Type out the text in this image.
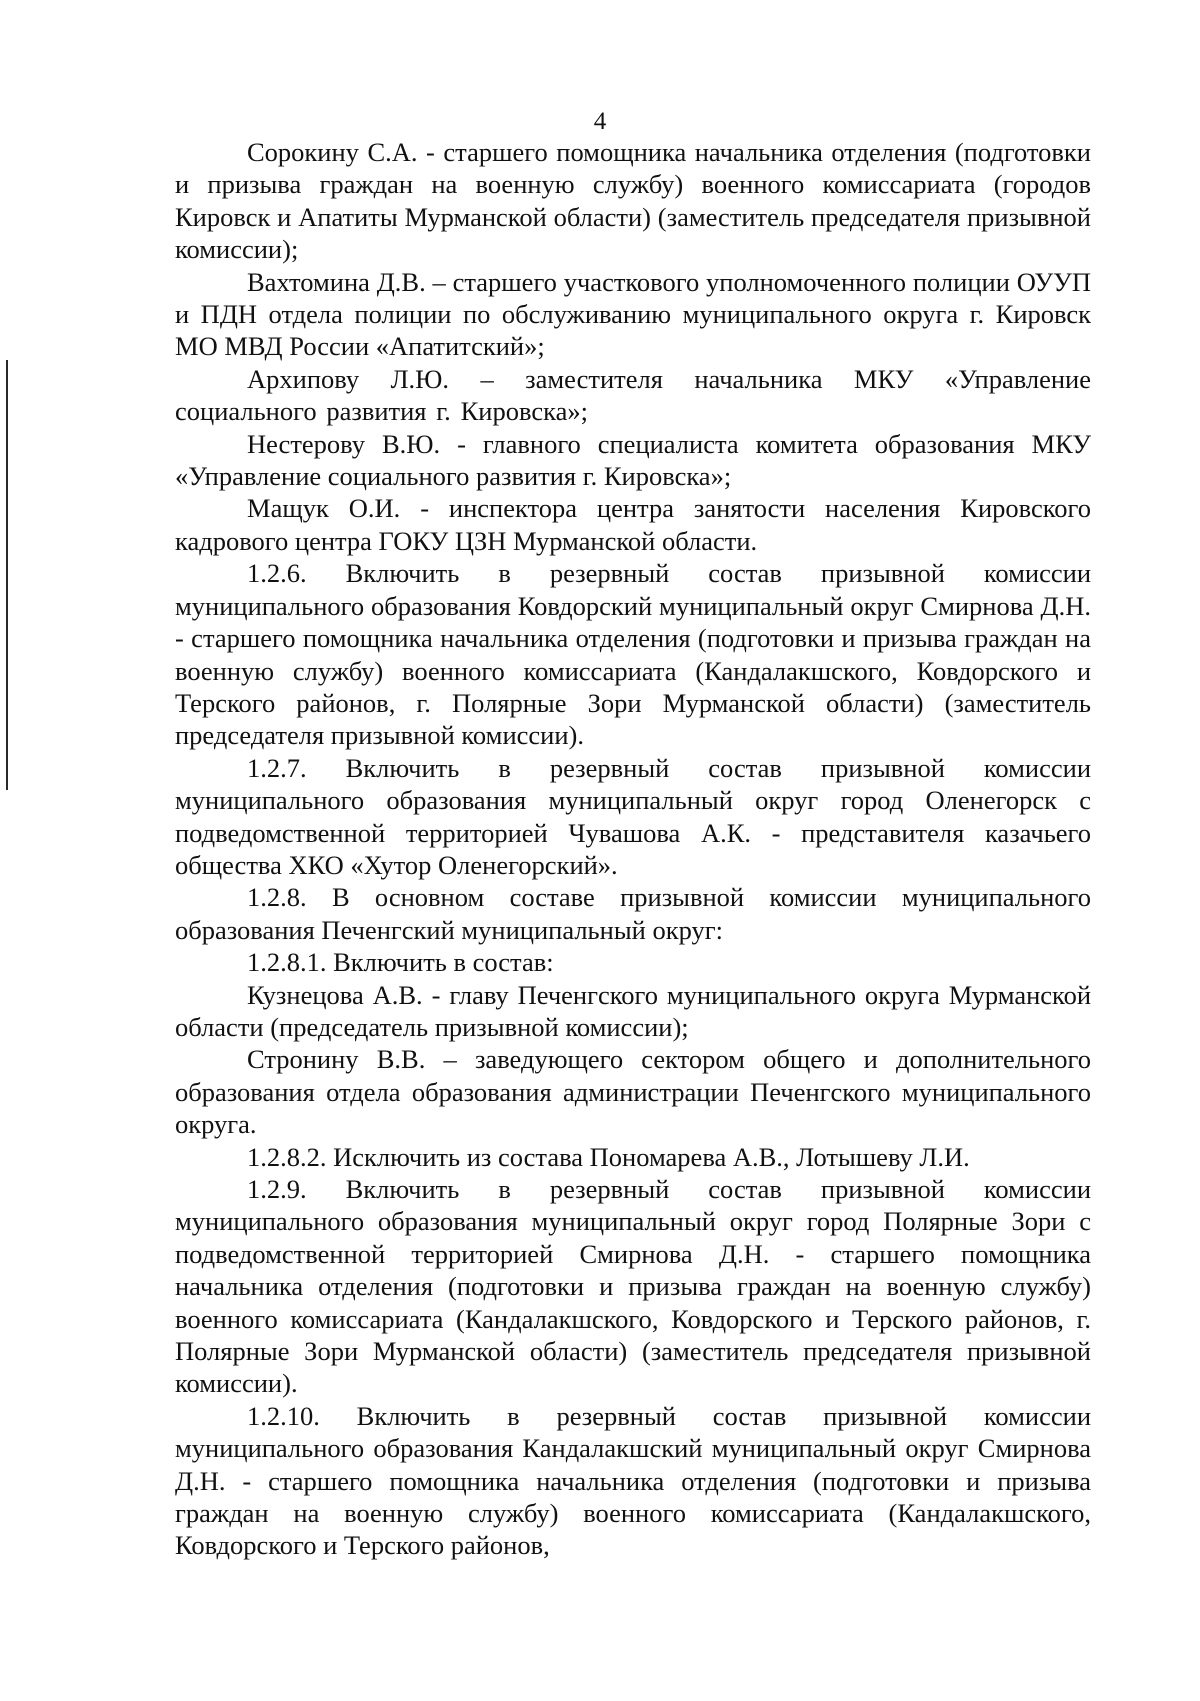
4

Сорокину С.А. - старшего помощника начальника отделения (подготовки и призыва граждан на военную службу) военного комиссариата (городов Кировск и Апатиты Мурманской области) (заместитель председателя призывной комиссии);

Вахтомина Д.В. – старшего участкового уполномоченного полиции ОУУП и ПДН отдела полиции по обслуживанию муниципального округа г. Кировск МО МВД России «Апатитский»;

Архипову Л.Ю. – заместителя начальника МКУ «Управление социального развития г. Кировска»;

Нестерову В.Ю. - главного специалиста комитета образования МКУ «Управление социального развития г. Кировска»;

Мащук О.И. - инспектора центра занятости населения Кировского кадрового центра ГОКУ ЦЗН Мурманской области.

1.2.6. Включить в резервный состав призывной комиссии муниципального образования Ковдорский муниципальный округ Смирнова Д.Н. - старшего помощника начальника отделения (подготовки и призыва граждан на военную службу) военного комиссариата (Кандалакшского, Ковдорского и Терского районов, г. Полярные Зори Мурманской области) (заместитель председателя призывной комиссии).

1.2.7. Включить в резервный состав призывной комиссии муниципального образования муниципальный округ город Оленегорск с подведомственной территорией Чувашова А.К. - представителя казачьего общества ХКО «Хутор Оленегорский».

1.2.8. В основном составе призывной комиссии муниципального образования Печенгский муниципальный округ:

1.2.8.1. Включить в состав:

Кузнецова А.В. - главу Печенгского муниципального округа Мурманской области (председатель призывной комиссии);

Стронину В.В. – заведующего сектором общего и дополнительного образования отдела образования администрации Печенгского муниципального округа.

1.2.8.2. Исключить из состава Пономарева А.В., Лотышеву Л.И.

1.2.9. Включить в резервный состав призывной комиссии муниципального образования муниципальный округ город Полярные Зори с подведомственной территорией Смирнова Д.Н. - старшего помощника начальника отделения (подготовки и призыва граждан на военную службу) военного комиссариата (Кандалакшского, Ковдорского и Терского районов, г. Полярные Зори Мурманской области) (заместитель председателя призывной комиссии).

1.2.10. Включить в резервный состав призывной комиссии муниципального образования Кандалакшский муниципальный округ Смирнова Д.Н. - старшего помощника начальника отделения (подготовки и призыва граждан на военную службу) военного комиссариата (Кандалакшского, Ковдорского и Терского районов,
